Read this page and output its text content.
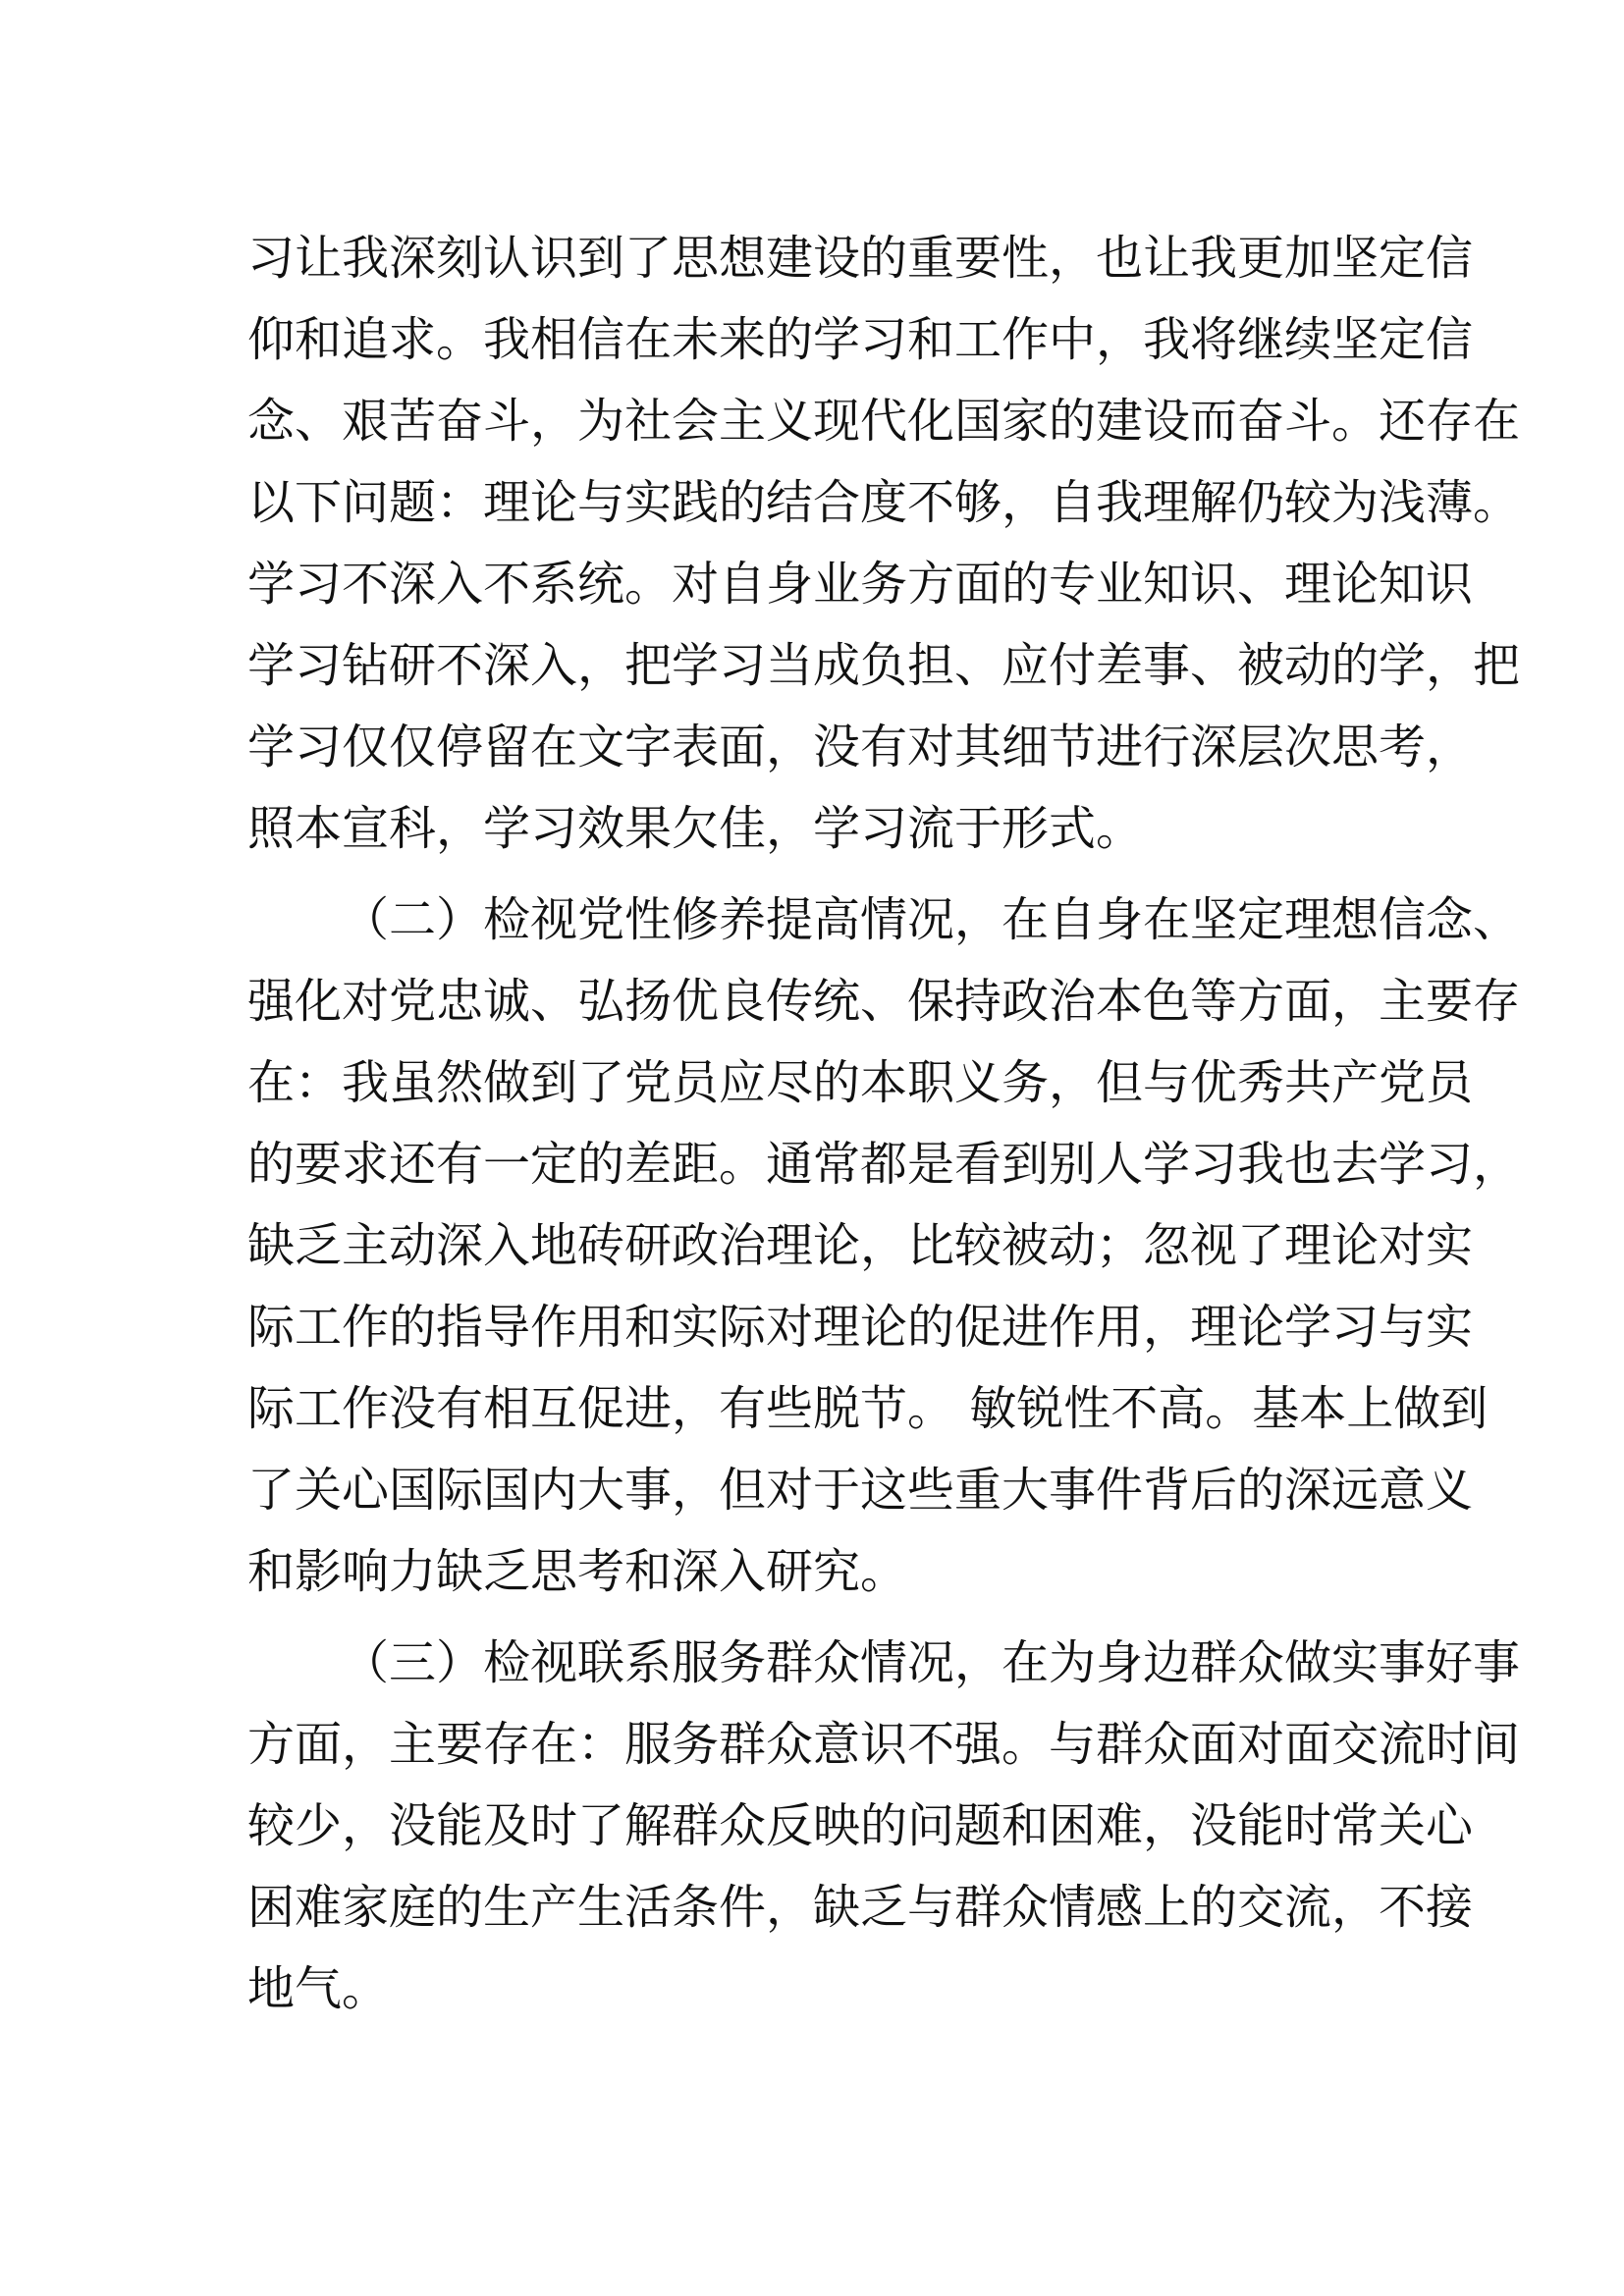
习让我深刻认识到了思想建设的重要性，也让我更加坚定信
仰和追求。我相信在未来的学习和工作中，我将继续坚定信
念、艰苦奋斗，为社会主义现代化国家的建设而奋斗。还存在
以下问题：理论与实践的结合度不够，自我理解仍较为浅薄。
学习不深入不系统。对自身业务方面的专业知识、理论知识
学习钻研不深入，把学习当成负担、应付差事、被动的学，把
学习仅仅停留在文字表面，没有对其细节进行深层次思考，
照本宣科，学习效果欠佳，学习流于形式。
（二）检视党性修养提高情况，在自身在坚定理想信念、
强化对党忠诚、弘扬优良传统、保持政治本色等方面，主要存
在：我虽然做到了党员应尽的本职义务，但与优秀共产党员
的要求还有一定的差距。通常都是看到别人学习我也去学习，
缺乏主动深入地砖研政治理论，比较被动；忽视了理论对实
际工作的指导作用和实际对理论的促进作用，理论学习与实
际工作没有相互促进，有些脱节。 敏锐性不高。基本上做到
了关心国际国内大事，但对于这些重大事件背后的深远意义
和影响力缺乏思考和深入研究。
（三）检视联系服务群众情况，在为身边群众做实事好事
方面，主要存在：服务群众意识不强。与群众面对面交流时间
较少，没能及时了解群众反映的问题和困难，没能时常关心
困难家庭的生产生活条件，缺乏与群众情感上的交流，不接
地气。
